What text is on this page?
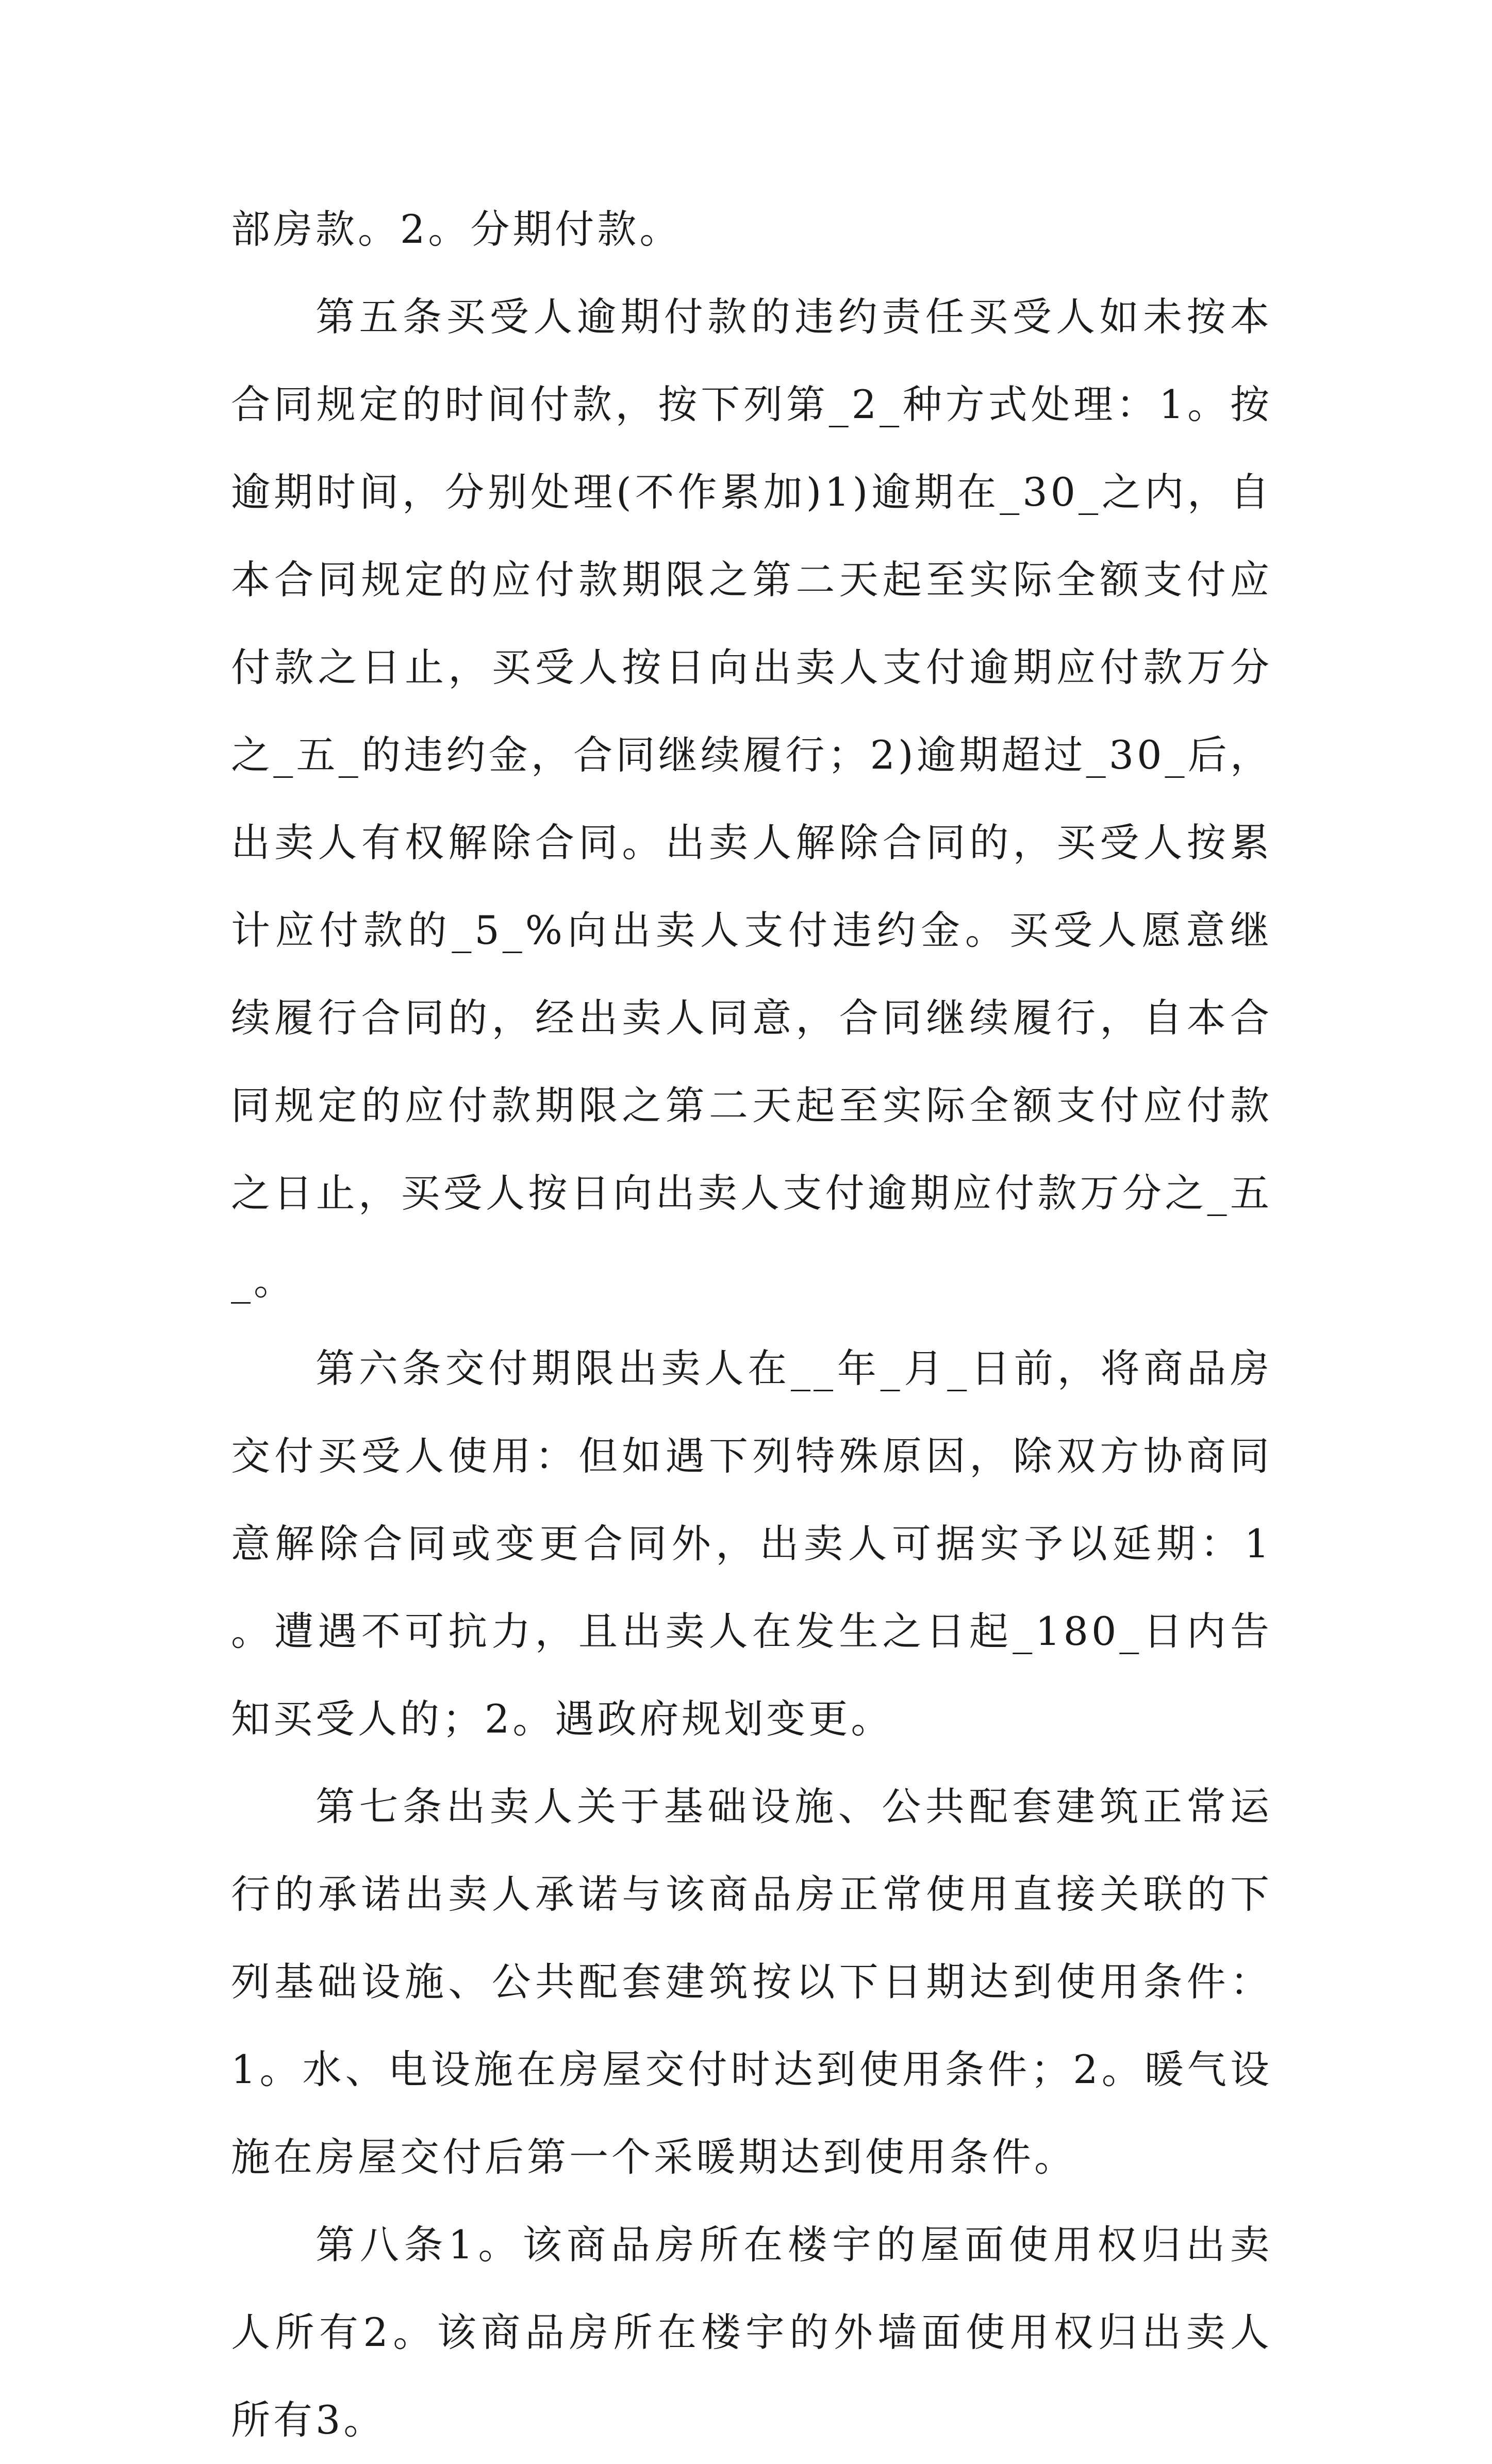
部房款。2。分期付款。

第五条买受人逾期付款的违约责任买受人如未按本合同规定的时间付款，按下列第_2_种方式处理：1。按逾期时间，分别处理(不作累加)1)逾期在_30_之内，自本合同规定的应付款期限之第二天起至实际全额支付应付款之日止，买受人按日向出卖人支付逾期应付款万分之_五_的违约金，合同继续履行；2)逾期超过_30_后，出卖人有权解除合同。出卖人解除合同的，买受人按累计应付款的_5_%向出卖人支付违约金。买受人愿意继续履行合同的，经出卖人同意，合同继续履行，自本合同规定的应付款期限之第二天起至实际全额支付应付款之日止，买受人按日向出卖人支付逾期应付款万分之_五_。

第六条交付期限出卖人在__年_月_日前，将商品房交付买受人使用：但如遇下列特殊原因，除双方协商同意解除合同或变更合同外，出卖人可据实予以延期：1。遭遇不可抗力，且出卖人在发生之日起_180_日内告知买受人的；2。遇政府规划变更。

第七条出卖人关于基础设施、公共配套建筑正常运行的承诺出卖人承诺与该商品房正常使用直接关联的下列基础设施、公共配套建筑按以下日期达到使用条件：1。水、电设施在房屋交付时达到使用条件；2。暖气设施在房屋交付后第一个采暖期达到使用条件。

第八条1。该商品房所在楼宇的屋面使用权归出卖人所有2。该商品房所在楼宇的外墙面使用权归出卖人所有3。
